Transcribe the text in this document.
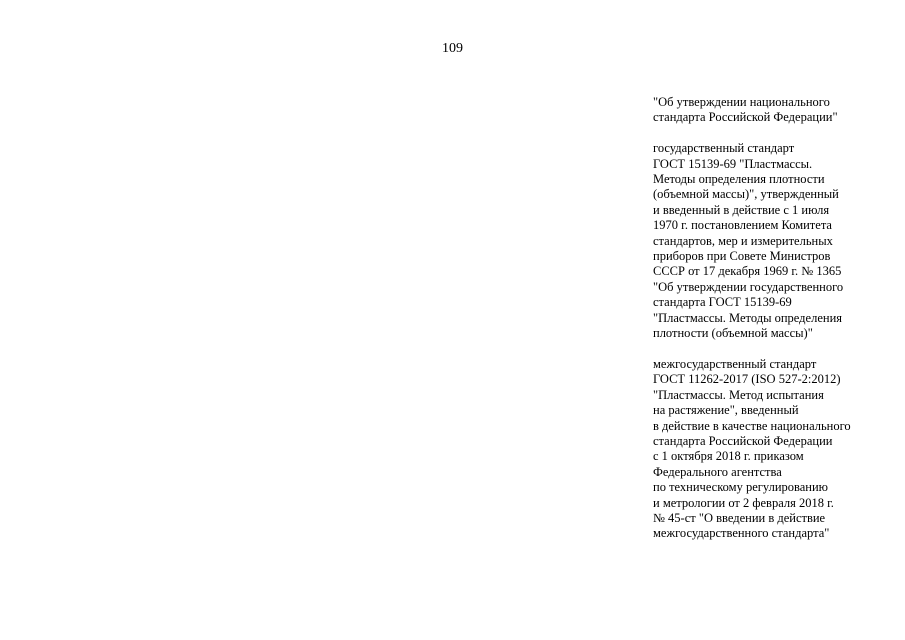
109
"Об утверждении национального
стандарта Российской Федерации"
государственный стандарт
ГОСТ 15139-69 "Пластмассы.
Методы определения плотности
(объемной массы)", утвержденный
и введенный в действие с 1 июля
1970 г. постановлением Комитета
стандартов, мер и измерительных
приборов при Совете Министров
СССР от 17 декабря 1969 г. № 1365
"Об утверждении государственного
стандарта ГОСТ 15139-69
"Пластмассы. Методы определения
плотности (объемной массы)"
межгосударственный стандарт
ГОСТ 11262-2017 (ISO 527-2:2012)
"Пластмассы. Метод испытания
на растяжение", введенный
в действие в качестве национального
стандарта Российской Федерации
с 1 октября 2018 г. приказом
Федерального агентства
по техническому регулированию
и метрологии от 2 февраля 2018 г.
№ 45-ст "О введении в действие
межгосударственного стандарта"
